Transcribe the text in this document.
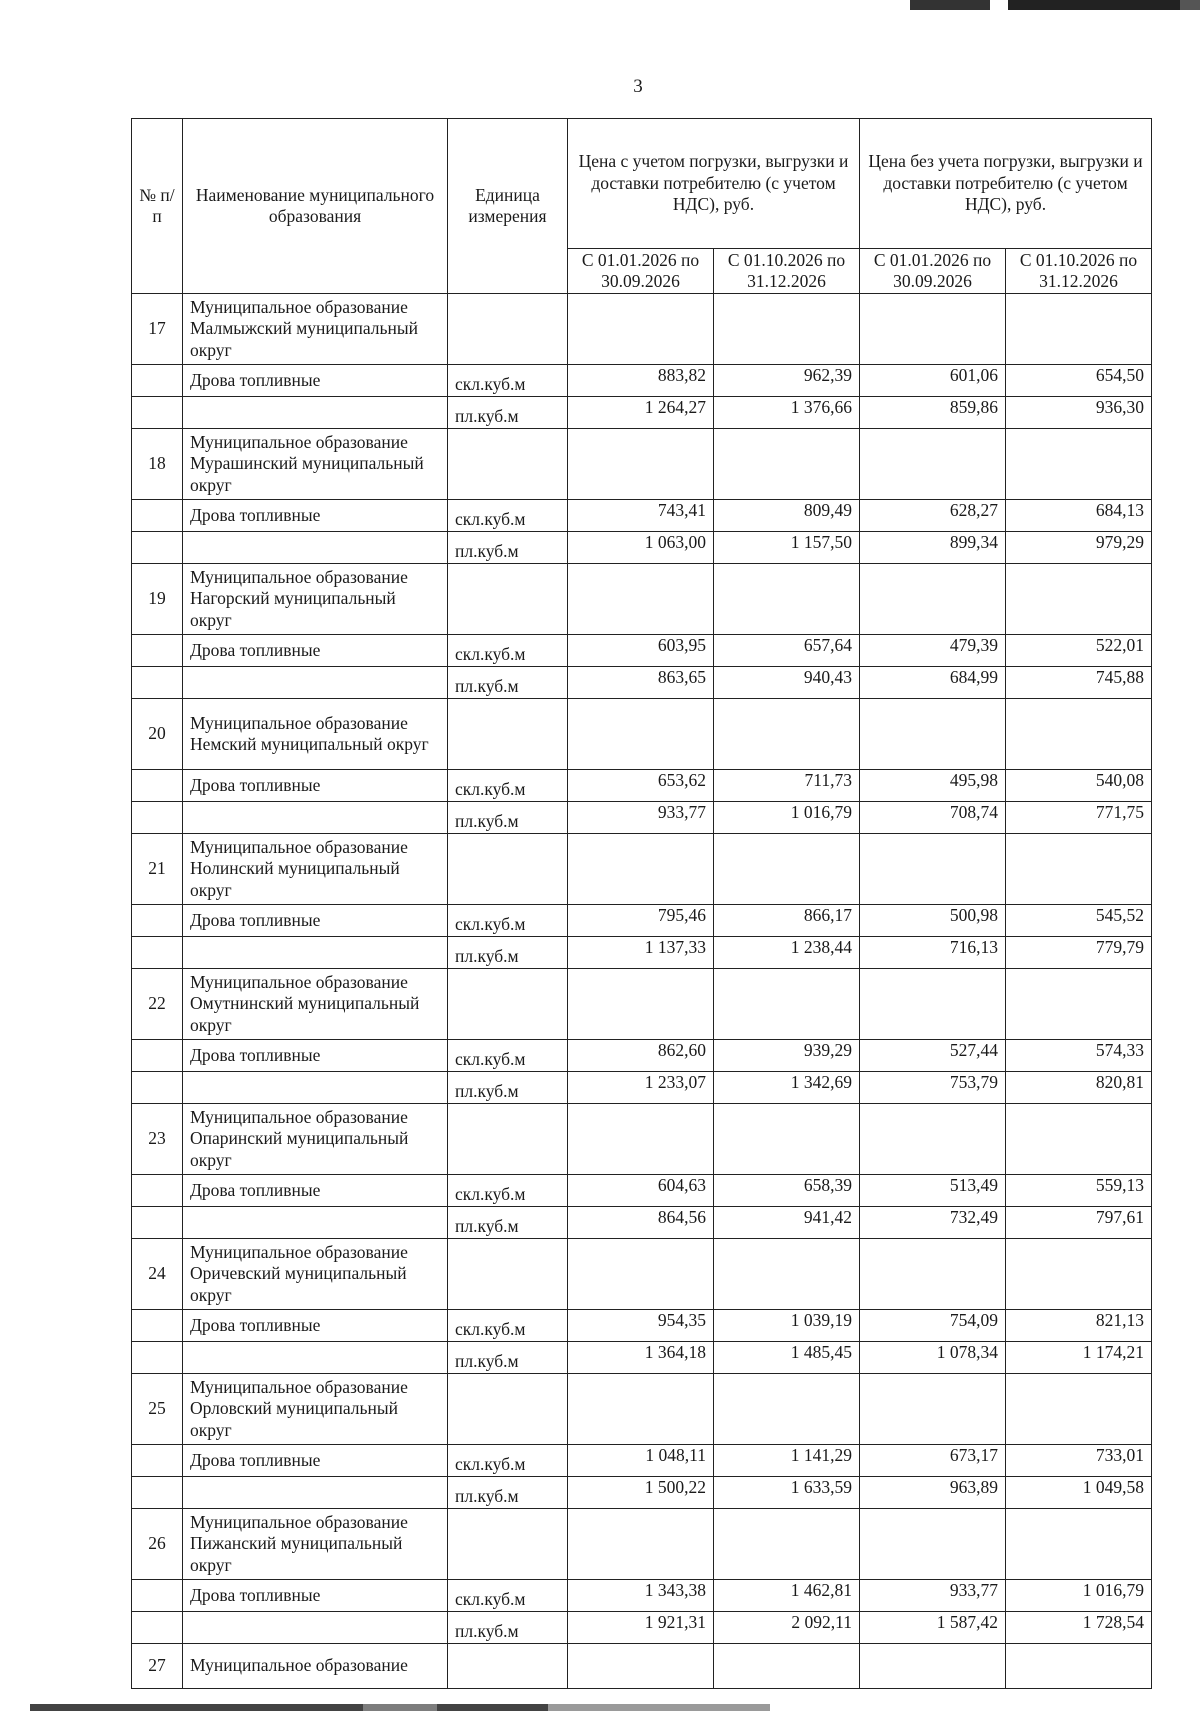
3
№ п/п	Наименование муниципального образования	Единица измерения	Цена с учетом погрузки, выгрузки и доставки потребителю (с учетом НДС), руб.		Цена без учета погрузки, выгрузки и доставки потребителю (с учетом НДС), руб.	
			С 01.01.2026 по 30.09.2026	С 01.10.2026 по 31.12.2026	С 01.01.2026 по 30.09.2026	С 01.10.2026 по 31.12.2026
17	Муниципальное образование Малмыжский муниципальный округ					
	Дрова топливные	скл.куб.м	883,82	962,39	601,06	654,50
		пл.куб.м	1 264,27	1 376,66	859,86	936,30
18	Муниципальное образование Мурашинский муниципальный округ					
	Дрова топливные	скл.куб.м	743,41	809,49	628,27	684,13
		пл.куб.м	1 063,00	1 157,50	899,34	979,29
19	Муниципальное образование Нагорский муниципальный округ					
	Дрова топливные	скл.куб.м	603,95	657,64	479,39	522,01
		пл.куб.м	863,65	940,43	684,99	745,88
20	Муниципальное образование Немский муниципальный округ					
	Дрова топливные	скл.куб.м	653,62	711,73	495,98	540,08
		пл.куб.м	933,77	1 016,79	708,74	771,75
21	Муниципальное образование Нолинский муниципальный округ					
	Дрова топливные	скл.куб.м	795,46	866,17	500,98	545,52
		пл.куб.м	1 137,33	1 238,44	716,13	779,79
22	Муниципальное образование Омутнинский муниципальный округ					
	Дрова топливные	скл.куб.м	862,60	939,29	527,44	574,33
		пл.куб.м	1 233,07	1 342,69	753,79	820,81
23	Муниципальное образование Опаринский муниципальный округ					
	Дрова топливные	скл.куб.м	604,63	658,39	513,49	559,13
		пл.куб.м	864,56	941,42	732,49	797,61
24	Муниципальное образование Оричевский муниципальный округ					
	Дрова топливные	скл.куб.м	954,35	1 039,19	754,09	821,13
		пл.куб.м	1 364,18	1 485,45	1 078,34	1 174,21
25	Муниципальное образование Орловский муниципальный округ					
	Дрова топливные	скл.куб.м	1 048,11	1 141,29	673,17	733,01
		пл.куб.м	1 500,22	1 633,59	963,89	1 049,58
26	Муниципальное образование Пижанский муниципальный округ					
	Дрова топливные	скл.куб.м	1 343,38	1 462,81	933,77	1 016,79
		пл.куб.м	1 921,31	2 092,11	1 587,42	1 728,54
27	Муниципальное образование					
